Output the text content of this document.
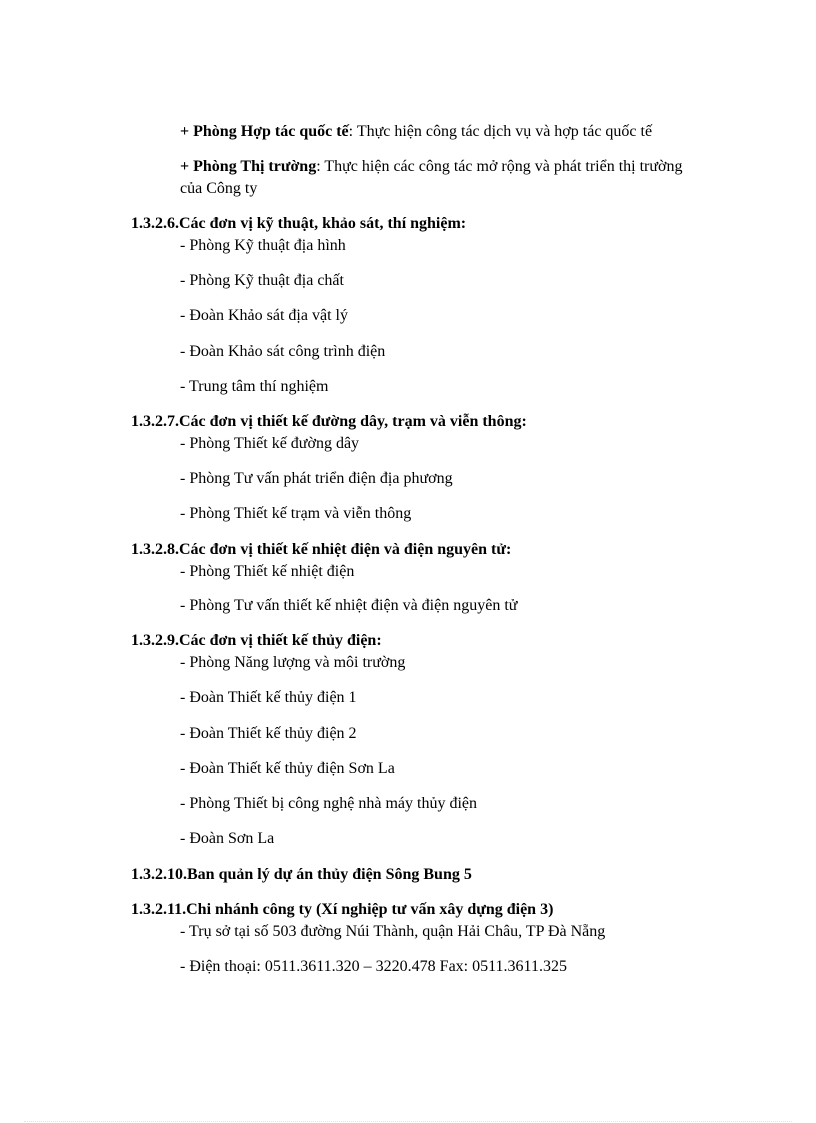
+ Phòng Hợp tác quốc tế: Thực hiện công tác dịch vụ và hợp tác quốc tế
+ Phòng Thị trường: Thực hiện các công tác mở rộng và phát triển thị trường
của Công ty
1.3.2.6.Các đơn vị kỹ thuật, khảo sát, thí nghiệm:
- Phòng Kỹ thuật địa hình
- Phòng Kỹ thuật địa chất
- Đoàn Khảo sát địa vật lý
- Đoàn Khảo sát công trình điện
- Trung tâm thí nghiệm
1.3.2.7.Các đơn vị thiết kế đường dây, trạm và viễn thông:
- Phòng Thiết kế đường dây
- Phòng Tư vấn phát triển điện địa phương
- Phòng Thiết kế trạm và viễn thông
1.3.2.8.Các đơn vị thiết kế nhiệt điện và điện nguyên tử:
- Phòng Thiết kế nhiệt điện
- Phòng Tư vấn thiết kế nhiệt điện và điện nguyên tử
1.3.2.9.Các đơn vị thiết kế thủy điện:
- Phòng Năng lượng và môi trường
- Đoàn Thiết kế thủy điện 1
- Đoàn Thiết kế thủy điện 2
- Đoàn Thiết kế thủy điện Sơn La
- Phòng Thiết bị công nghệ nhà máy thủy điện
- Đoàn Sơn La
1.3.2.10.Ban quản lý dự án thủy điện Sông Bung 5
1.3.2.11.Chi nhánh công ty (Xí nghiệp tư vấn xây dựng điện 3)
- Trụ sở tại số 503 đường Núi Thành, quận Hải Châu, TP Đà Nẵng
- Điện thoại: 0511.3611.320 – 3220.478 Fax: 0511.3611.325
